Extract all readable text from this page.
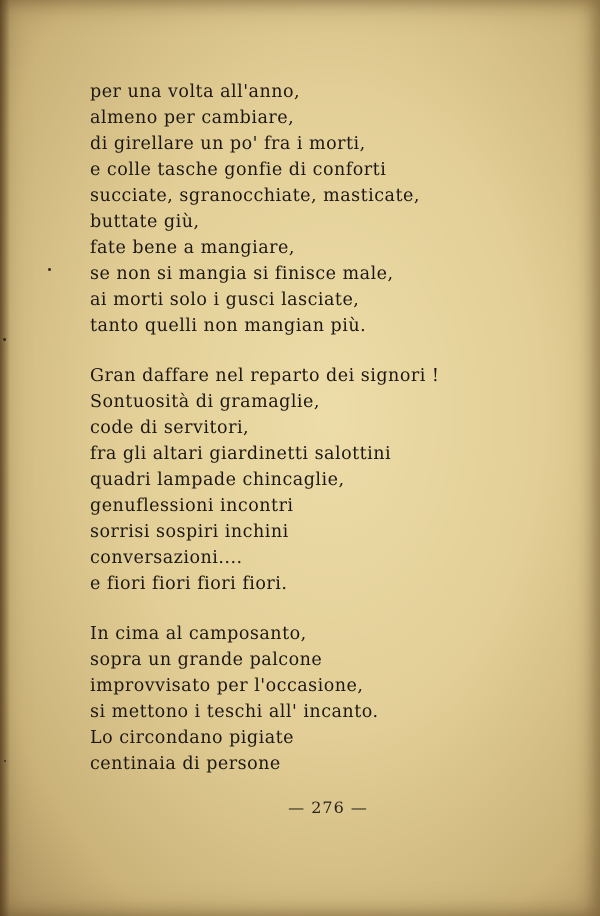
per una volta all'anno,
almeno per cambiare,
di girellare un po' fra i morti,
e colle tasche gonfie di conforti
succiate, sgranocchiate, masticate,
buttate giù,
fate bene a mangiare,
se non si mangia si finisce male,
ai morti solo i gusci lasciate,
tanto quelli non mangian più.
Gran daffare nel reparto dei signori !
Sontuosità di gramaglie,
code di servitori,
fra gli altari giardinetti salottini
quadri lampade chincaglie,
genuflessioni incontri
sorrisi sospiri inchini
conversazioni....
e fiori fiori fiori fiori.
In cima al camposanto,
sopra un grande palcone
improvvisato per l'occasione,
si mettono i teschi all' incanto.
Lo circondano pigiate
centinaia di persone
— 276 —
